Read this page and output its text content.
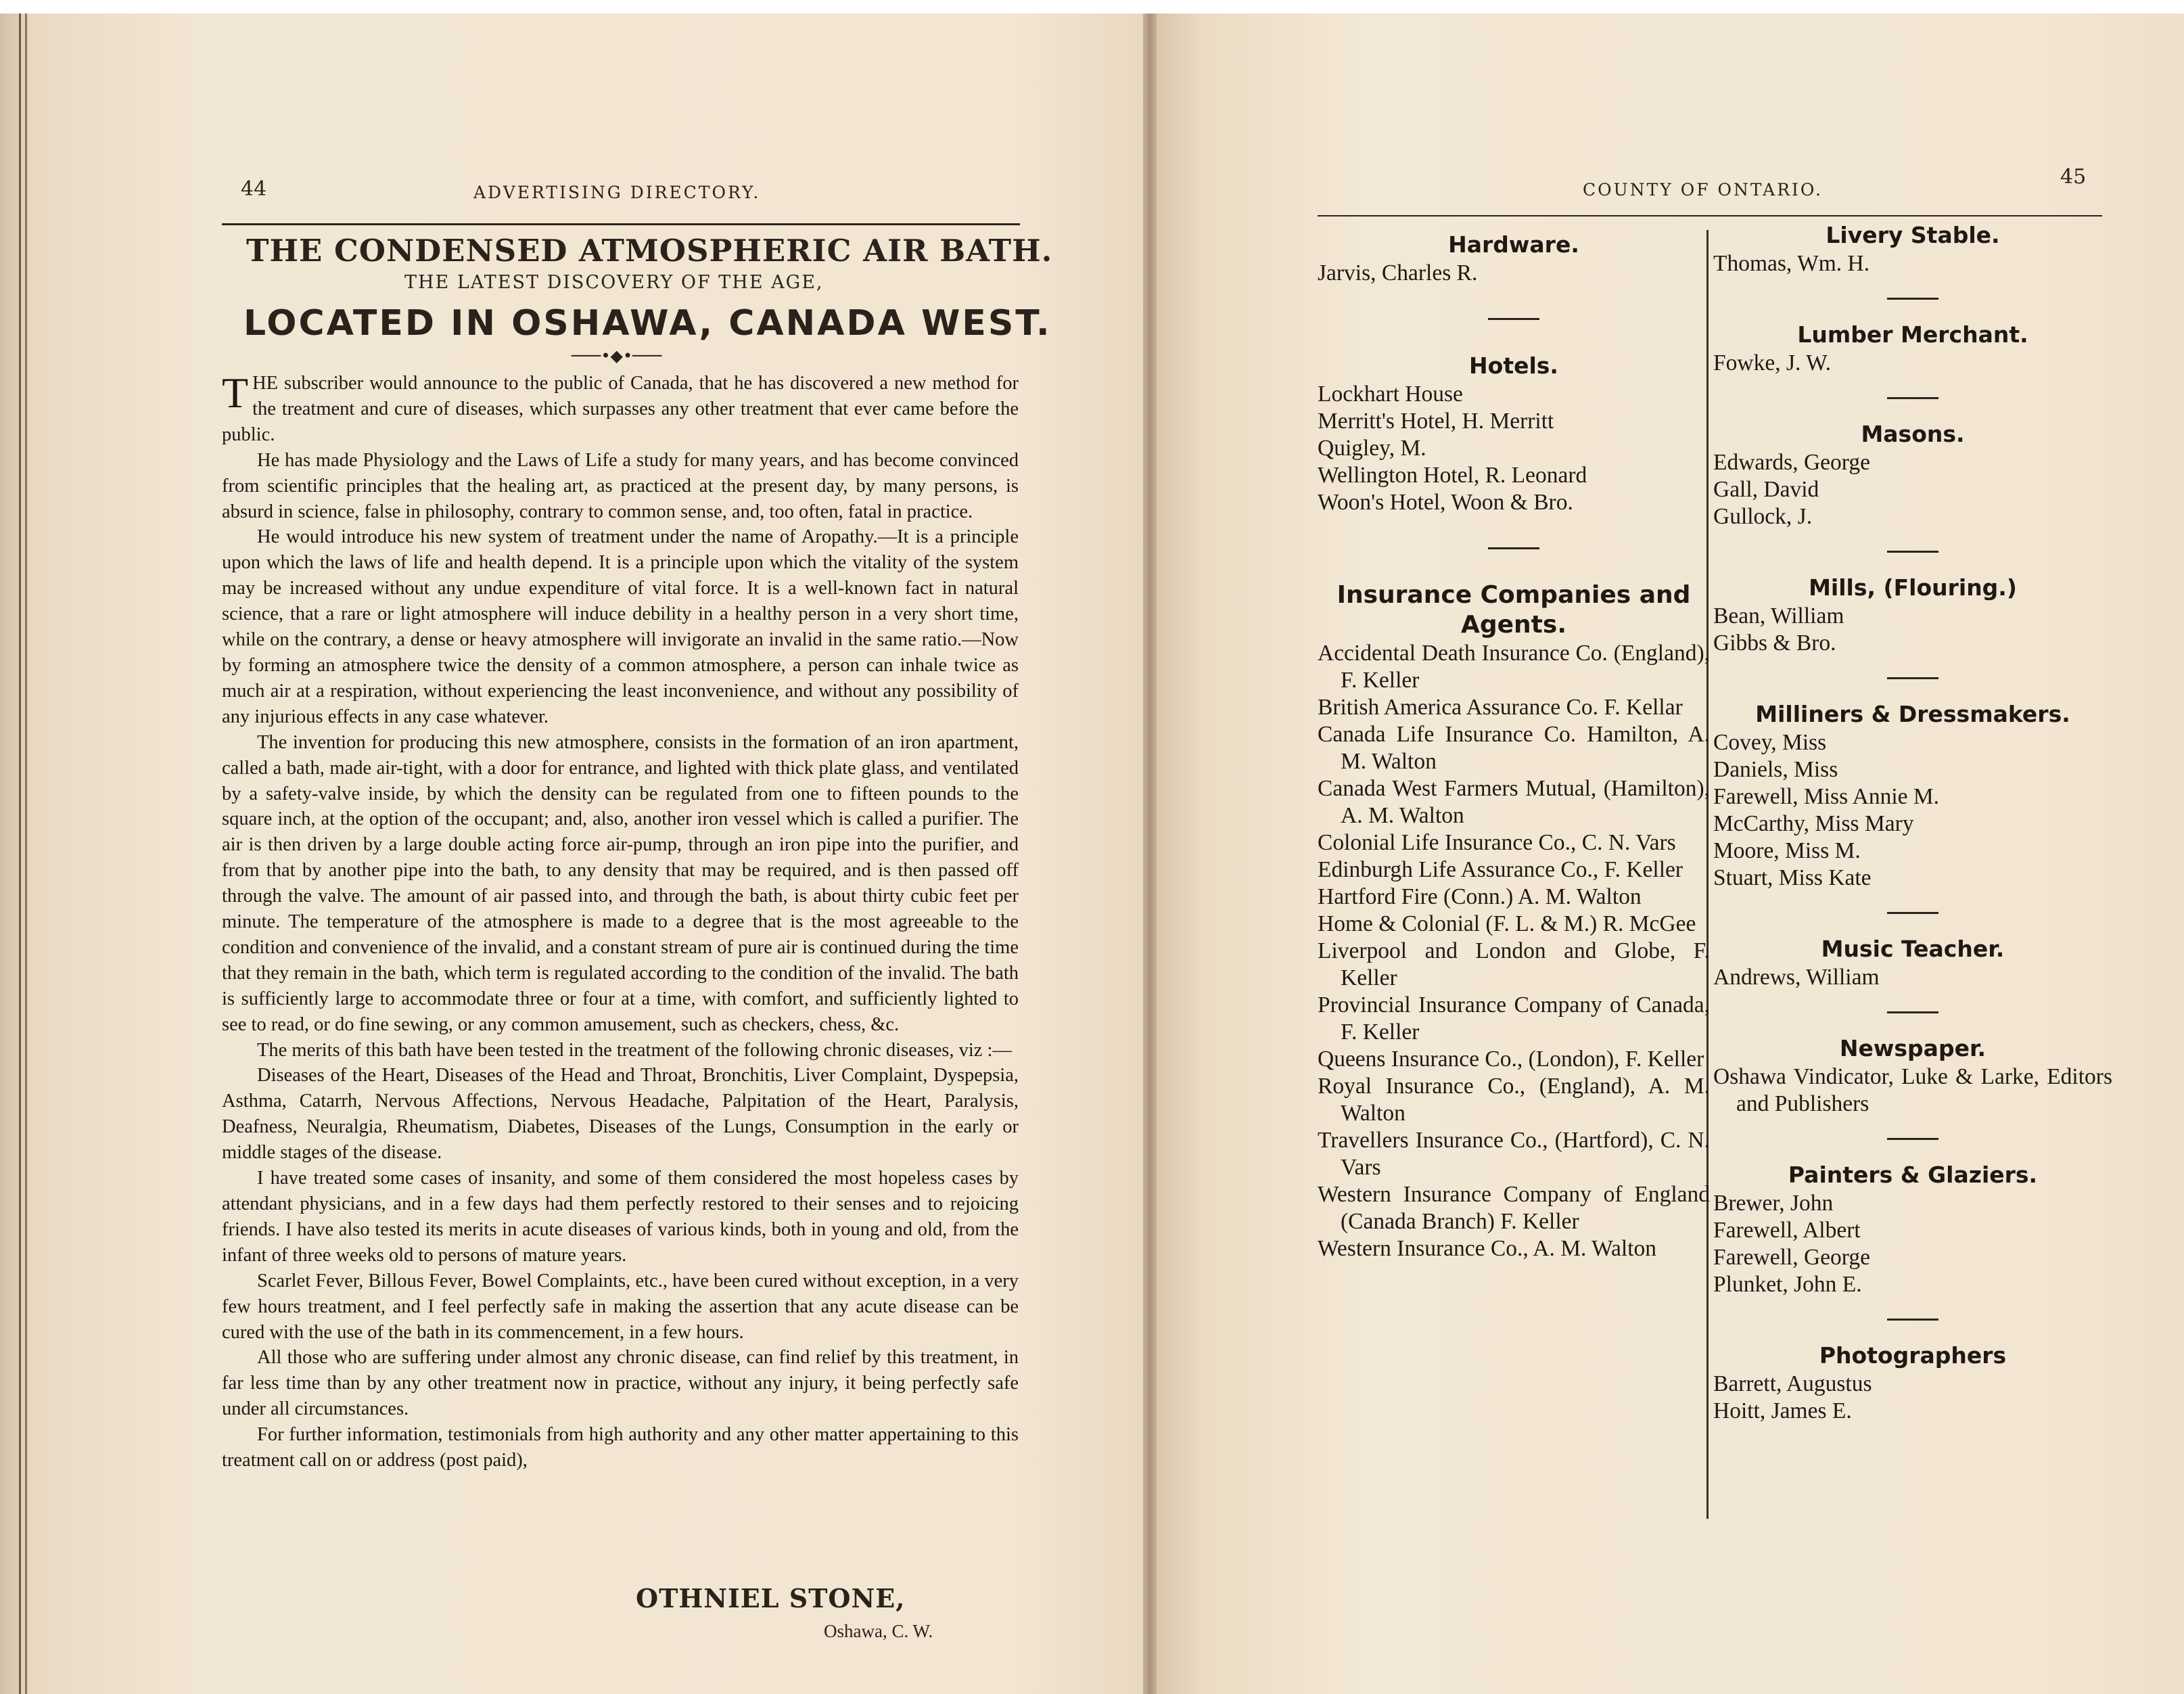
44	ADVERTISING DIRECTORY.
THE CONDENSED ATMOSPHERIC AIR BATH.
THE LATEST DISCOVERY OF THE AGE,
LOCATED IN OSHAWA, CANADA WEST.
───•◆•───

THE subscriber would announce to the public of Canada, that he has discovered a new method for the treatment and cure of diseases, which surpasses any other treatment that ever came before the public.

He has made Physiology and the Laws of Life a study for many years, and has become convinced from scientific principles that the healing art, as practiced at the present day, by many persons, is absurd in science, false in philosophy, contrary to common sense, and, too often, fatal in practice.

He would introduce his new system of treatment under the name of Aropathy.—It is a principle upon which the laws of life and health depend. It is a principle upon which the vitality of the system may be increased without any undue expenditure of vital force. It is a well-known fact in natural science, that a rare or light atmosphere will induce debility in a healthy person in a very short time, while on the contrary, a dense or heavy atmosphere will invigorate an invalid in the same ratio.—Now by forming an atmosphere twice the density of a common atmosphere, a person can inhale twice as much air at a respiration, without experiencing the least inconvenience, and without any possibility of any injurious effects in any case whatever.

The invention for producing this new atmosphere, consists in the formation of an iron apartment, called a bath, made air-tight, with a door for entrance, and lighted with thick plate glass, and ventilated by a safety-valve inside, by which the density can be regulated from one to fifteen pounds to the square inch, at the option of the occupant; and, also, another iron vessel which is called a purifier. The air is then driven by a large double acting force air-pump, through an iron pipe into the purifier, and from that by another pipe into the bath, to any density that may be required, and is then passed off through the valve. The amount of air passed into, and through the bath, is about thirty cubic feet per minute. The temperature of the atmosphere is made to a degree that is the most agreeable to the condition and convenience of the invalid, and a constant stream of pure air is continued during the time that they remain in the bath, which term is regulated according to the condition of the invalid. The bath is sufficiently large to accommodate three or four at a time, with comfort, and sufficiently lighted to see to read, or do fine sewing, or any common amusement, such as checkers, chess, &c.

The merits of this bath have been tested in the treatment of the following chronic diseases, viz :—

Diseases of the Heart, Diseases of the Head and Throat, Bronchitis, Liver Complaint, Dyspepsia, Asthma, Catarrh, Nervous Affections, Nervous Headache, Palpitation of the Heart, Paralysis, Deafness, Neuralgia, Rheumatism, Diabetes, Diseases of the Lungs, Consumption in the early or middle stages of the disease.

I have treated some cases of insanity, and some of them considered the most hopeless cases by attendant physicians, and in a few days had them perfectly restored to their senses and to rejoicing friends. I have also tested its merits in acute diseases of various kinds, both in young and old, from the infant of three weeks old to persons of mature years.

Scarlet Fever, Billous Fever, Bowel Complaints, etc., have been cured without exception, in a very few hours treatment, and I feel perfectly safe in making the assertion that any acute disease can be cured with the use of the bath in its commencement, in a few hours.

All those who are suffering under almost any chronic disease, can find relief by this treatment, in far less time than by any other treatment now in practice, without any injury, it being perfectly safe under all circumstances.

For further information, testimonials from high authority and any other matter appertaining to this treatment call on or address (post paid),

OTHNIEL STONE,
Oshawa, C. W.
COUNTY OF ONTARIO.
45
Hardware.

Jarvis, Charles R.

Hotels.

Lockhart House

Merritt's Hotel, H. Merritt

Quigley, M.

Wellington Hotel, R. Leonard

Woon's Hotel, Woon & Bro.

Insurance Companies and Agents.

Accidental Death Insurance Co. (England), F. Keller

British America Assurance Co. F. Kellar

Canada Life Insurance Co. Hamilton, A. M. Walton

Canada West Farmers Mutual, (Hamilton), A. M. Walton

Colonial Life Insurance Co., C. N. Vars

Edinburgh Life Assurance Co., F. Keller

Hartford Fire (Conn.) A. M. Walton

Home & Colonial (F. L. & M.) R. McGee

Liverpool and London and Globe, F. Keller

Provincial Insurance Company of Canada, F. Keller

Queens Insurance Co., (London), F. Keller

Royal Insurance Co., (England), A. M. Walton

Travellers Insurance Co., (Hartford), C. N. Vars

Western Insurance Company of England (Canada Branch) F. Keller

Western Insurance Co., A. M. Walton

Livery Stable.

Thomas, Wm. H.

Lumber Merchant.

Fowke, J. W.

Masons.

Edwards, George

Gall, David

Gullock, J.

Mills, (Flouring.)

Bean, William

Gibbs & Bro.

Milliners & Dressmakers.

Covey, Miss

Daniels, Miss

Farewell, Miss Annie M.

McCarthy, Miss Mary

Moore, Miss M.

Stuart, Miss Kate

Music Teacher.

Andrews, William

Newspaper.

Oshawa Vindicator, Luke & Larke, Editors and Publishers

Painters & Glaziers.

Brewer, John

Farewell, Albert

Farewell, George

Plunket, John E.

Photographers

Barrett, Augustus

Hoitt, James E.
